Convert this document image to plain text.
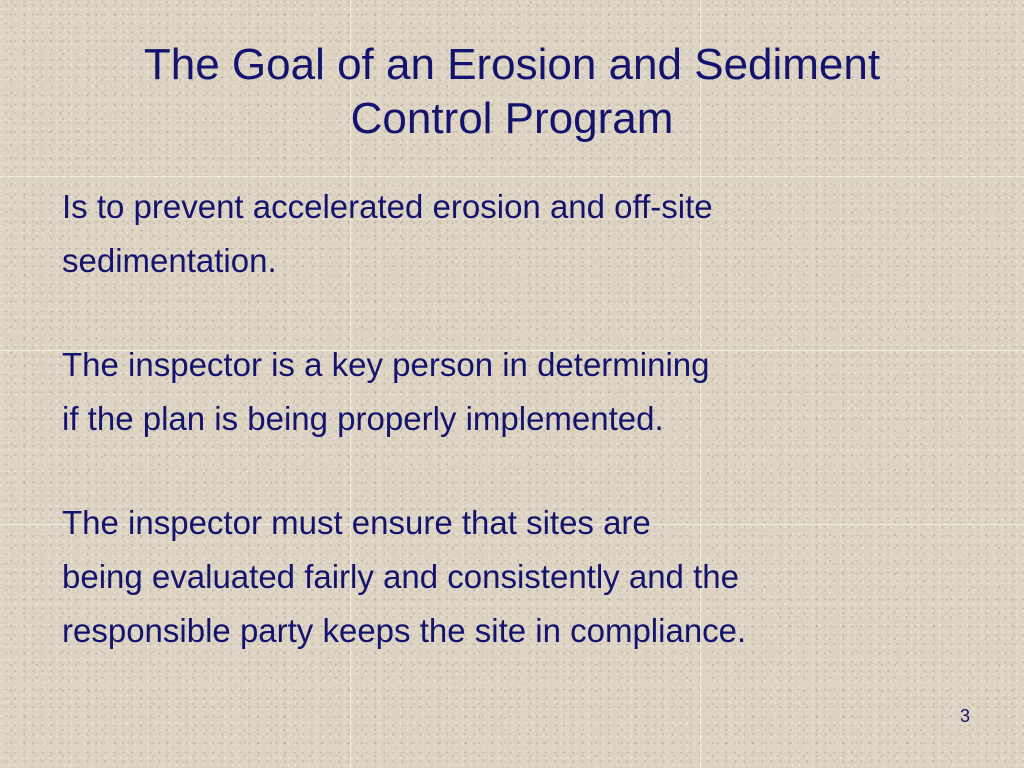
The Goal of an Erosion and Sediment
Control Program

Is to prevent accelerated erosion and off-site
sedimentation.

The inspector is a key person in determining
if the plan is being properly implemented.

The inspector must ensure that sites are
being evaluated fairly and consistently and the
responsible party keeps the site in compliance.

3
